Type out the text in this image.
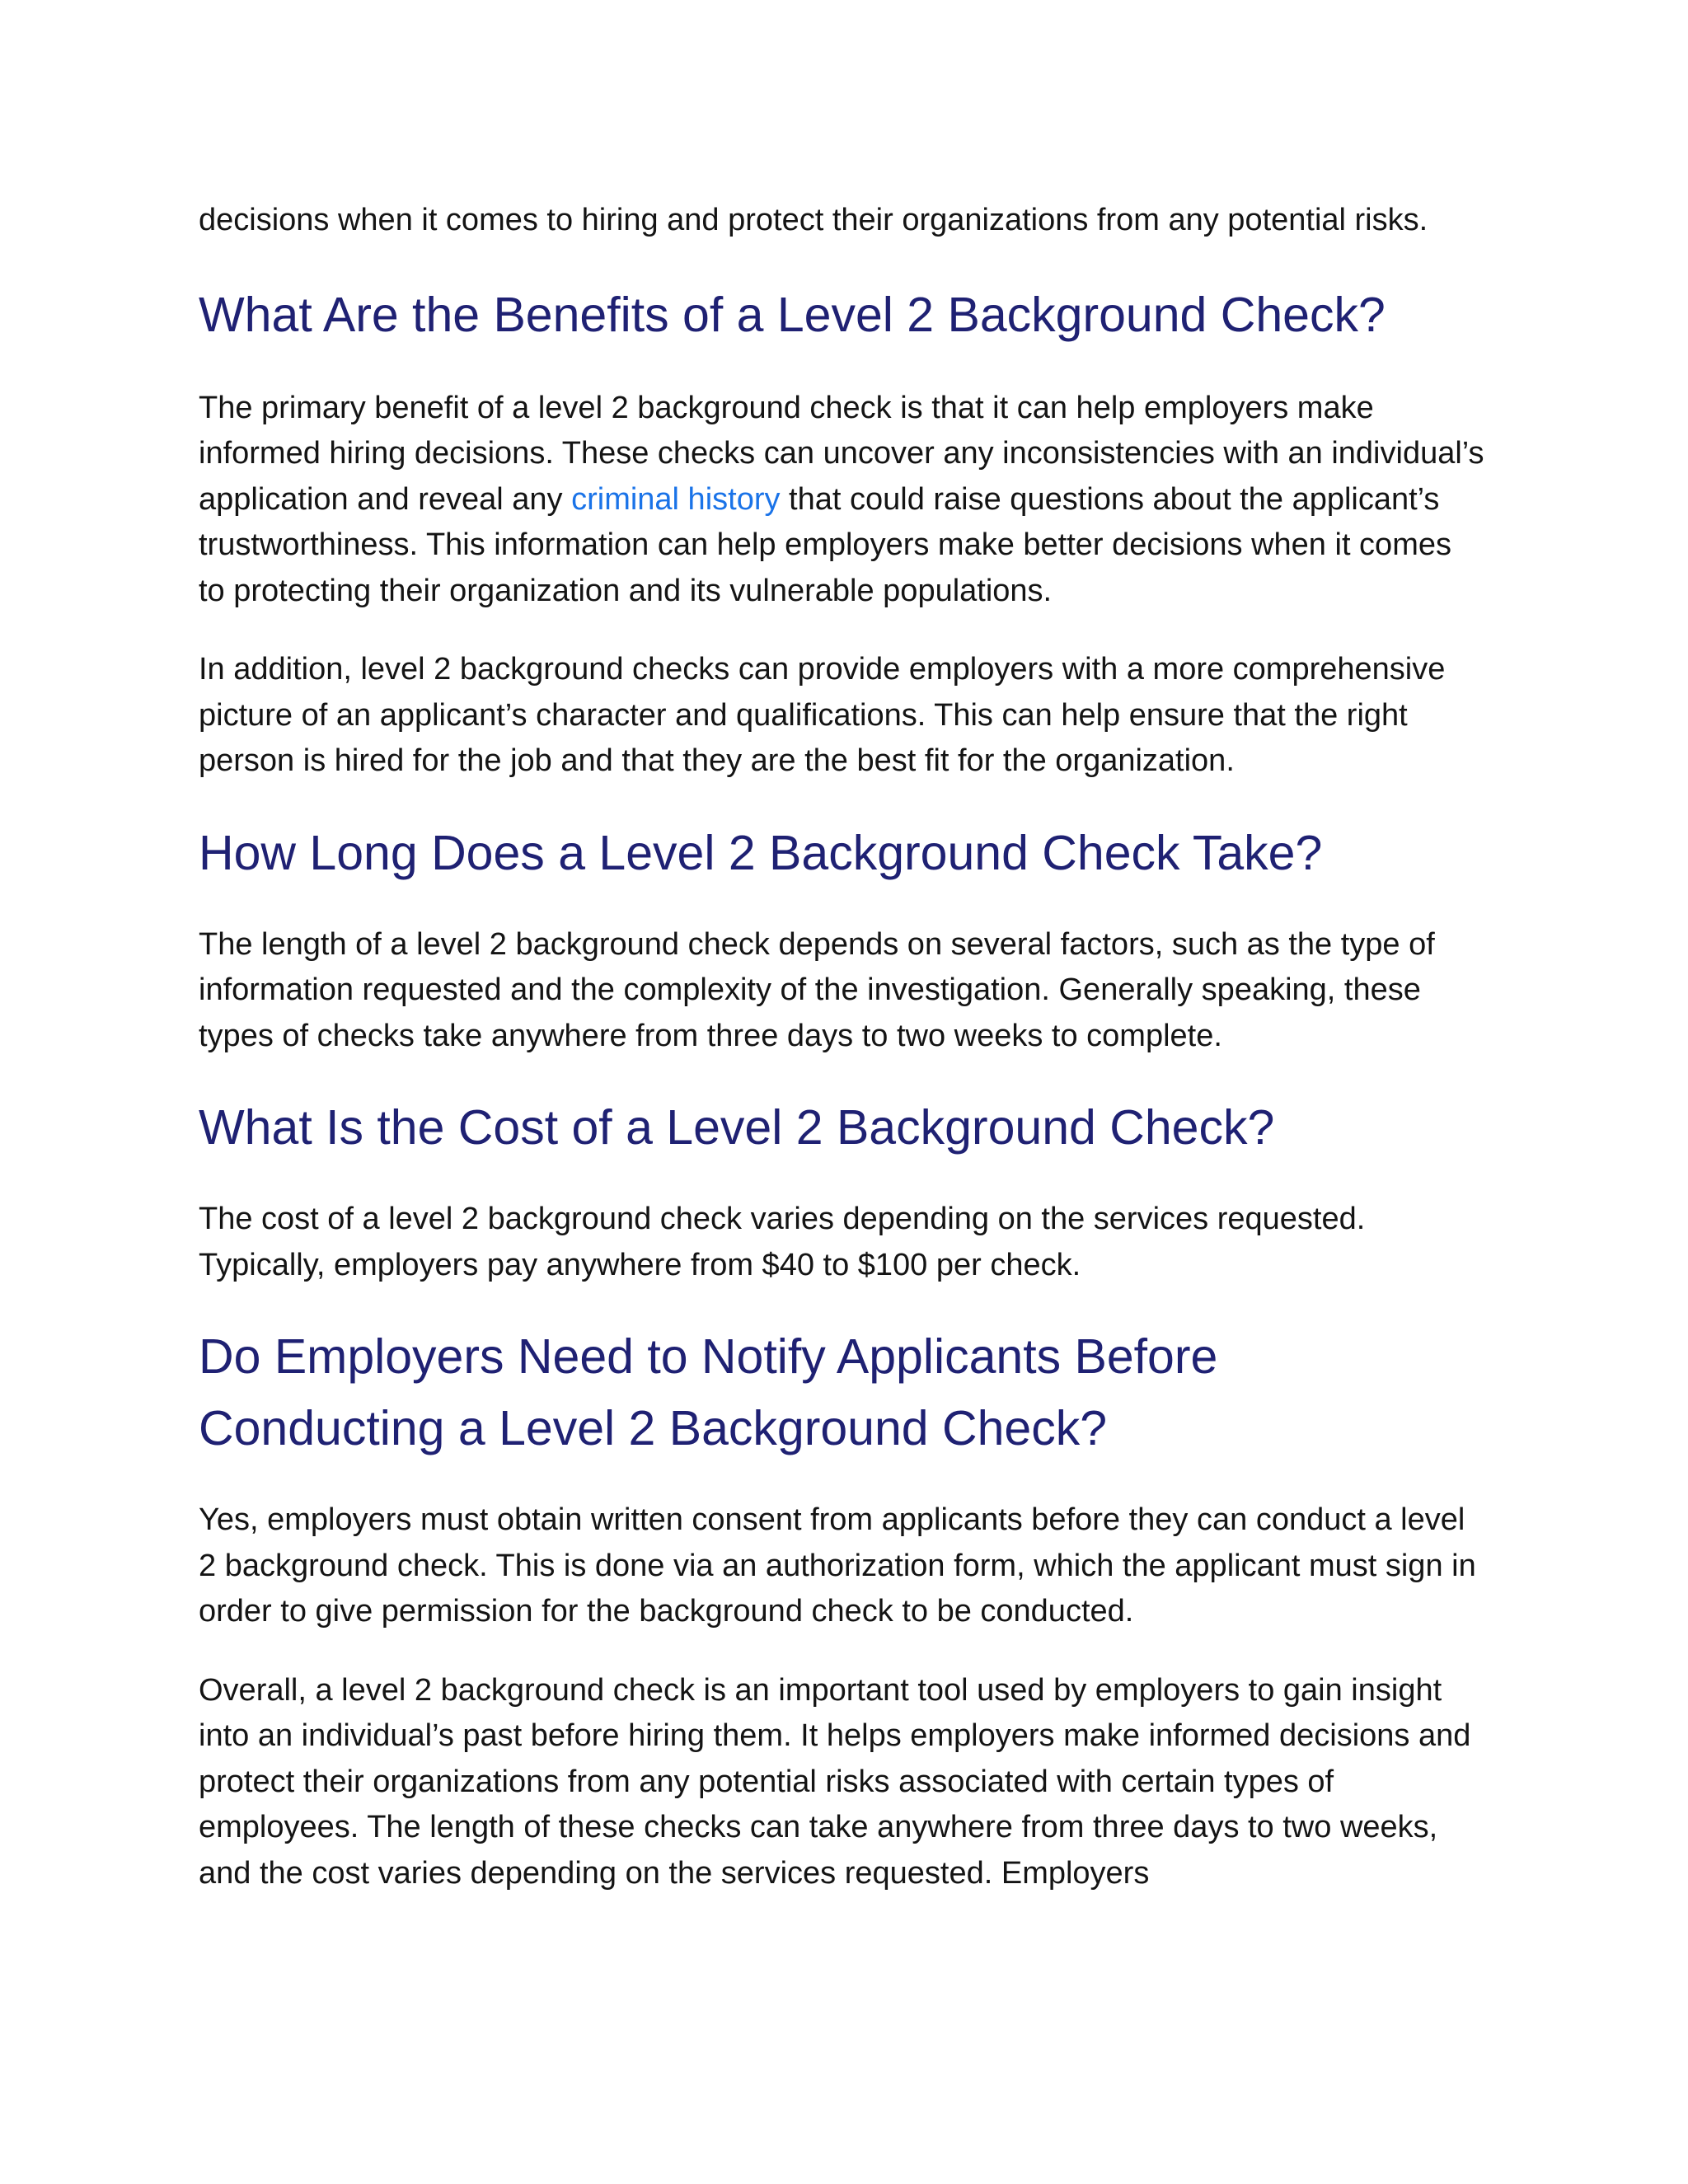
decisions when it comes to hiring and protect their organizations from any potential risks.

What Are the Benefits of a Level 2 Background Check?

The primary benefit of a level 2 background check is that it can help employers make informed hiring decisions. These checks can uncover any inconsistencies with an individual’s application and reveal any criminal history that could raise questions about the applicant’s trustworthiness. This information can help employers make better decisions when it comes to protecting their organization and its vulnerable populations.

In addition, level 2 background checks can provide employers with a more comprehensive picture of an applicant’s character and qualifications. This can help ensure that the right person is hired for the job and that they are the best fit for the organization.

How Long Does a Level 2 Background Check Take?

The length of a level 2 background check depends on several factors, such as the type of information requested and the complexity of the investigation. Generally speaking, these types of checks take anywhere from three days to two weeks to complete.

What Is the Cost of a Level 2 Background Check?

The cost of a level 2 background check varies depending on the services requested. Typically, employers pay anywhere from $40 to $100 per check.

Do Employers Need to Notify Applicants Before Conducting a Level 2 Background Check?

Yes, employers must obtain written consent from applicants before they can conduct a level 2 background check. This is done via an authorization form, which the applicant must sign in order to give permission for the background check to be conducted.

Overall, a level 2 background check is an important tool used by employers to gain insight into an individual’s past before hiring them. It helps employers make informed decisions and protect their organizations from any potential risks associated with certain types of employees. The length of these checks can take anywhere from three days to two weeks, and the cost varies depending on the services requested. Employers
